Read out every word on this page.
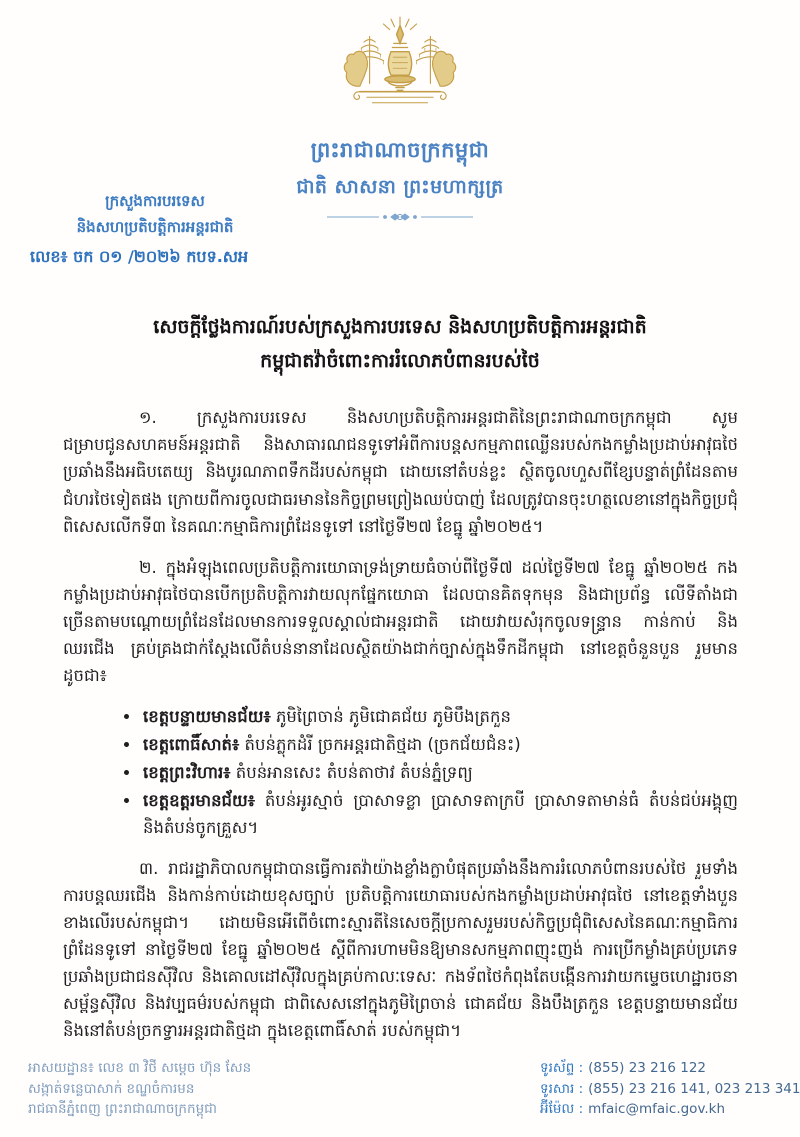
ព្រះរាជាណាចក្រកម្ពុជា
ជាតិ សាសនា ព្រះមហាក្សត្រ
ក្រសួងការបរទេស
និងសហប្រតិបត្តិការអន្តរជាតិ
លេខ៖ ចក ០១ /២០២៦ កបទ.សអ
សេចក្តីថ្លែងការណ៍របស់ក្រសួងការបរទេស និងសហប្រតិបត្តិការអន្តរជាតិ
កម្ពុជាតវ៉ាចំពោះការរំលោភបំពានរបស់ថៃ

១. ក្រសួងការបរទេស និងសហប្រតិបត្តិការអន្តរជាតិនៃព្រះរាជាណាចក្រកម្ពុជា សូមជម្រាបជូនសហគមន៍អន្តរជាតិ និងសាធារណជនទូទៅអំពីការបន្តសកម្មភាពឈ្លើនរបស់កងកម្លាំងប្រដាប់អាវុធថៃប្រឆាំងនឹងអធិបតេយ្យ និងបូរណភាពទឹកដីរបស់កម្ពុជា ដោយនៅតំបន់ខ្លះ ស្ថិតចូលហួសពីខ្សែបន្ទាត់ព្រំដែនតាមជំហរថៃទៀតផង ក្រោយពីការចូលជាធរមាននៃកិច្ចព្រមព្រៀងឈប់បាញ់ ដែលត្រូវបានចុះហត្ថលេខានៅក្នុងកិច្ចប្រជុំពិសេសលើកទី៣ នៃគណៈកម្មាធិការព្រំដែនទូទៅ នៅថ្ងៃទី២៧ ខែធ្នូ ឆ្នាំ២០២៥។

២. ក្នុងអំឡុងពេលប្រតិបត្តិការយោធាទ្រង់ទ្រាយធំចាប់ពីថ្ងៃទី៧ ដល់ថ្ងៃទី២៧ ខែធ្នូ ឆ្នាំ២០២៥ កងកម្លាំងប្រដាប់អាវុធថៃបានបើកប្រតិបត្តិការវាយលុកផ្នែកយោធា ដែលបានគិតទុកមុន និងជាប្រព័ន្ធ លើទីតាំងជាច្រើនតាមបណ្តោយព្រំដែនដែលមានការទទួលស្គាល់ជាអន្តរជាតិ ដោយវាយសំរុកចូលទន្ទ្រាន កាន់កាប់ និងឈរជើង គ្រប់គ្រងជាក់ស្តែងលើតំបន់នានាដែលស្ថិតយ៉ាងជាក់ច្បាស់ក្នុងទឹកដីកម្ពុជា នៅខេត្តចំនួនបួន រួមមាន ដូចជា៖

• ខេត្តបន្ទាយមានជ័យ៖ ភូមិព្រៃចាន់ ភូមិជោគជ័យ ភូមិបឹងត្រកួន
• ខេត្តពោធិ៍សាត់៖ តំបន់ភ្លុកដំរី ច្រកអន្តរជាតិថ្មដា (ច្រកជ័យជំនះ)
• ខេត្តព្រះវិហារ៖ តំបន់អានសេះ តំបន់តាថាវ តំបន់ភ្នំទ្រព្យ
• ខេត្តឧត្តរមានជ័យ៖ តំបន់អូរស្មាច់ ប្រាសាទខ្លា ប្រាសាទតាក្របី ប្រាសាទតាមាន់ធំ តំបន់ជប់អង្គុញ និងតំបន់ចូកគ្រួស។

៣. រាជរដ្ឋាភិបាលកម្ពុជាបានធ្វើការតវ៉ាយ៉ាងខ្លាំងក្លាបំផុតប្រឆាំងនឹងការរំលោភបំពានរបស់ថៃ រួមទាំងការបន្តឈរជើង និងកាន់កាប់ដោយខុសច្បាប់ ប្រតិបត្តិការយោធារបស់កងកម្លាំងប្រដាប់អាវុធថៃ នៅខេត្តទាំងបួនខាងលើរបស់កម្ពុជា។ ដោយមិនអើពើចំពោះស្មារតីនៃសេចក្តីប្រកាសរួមរបស់កិច្ចប្រជុំពិសេសនៃគណៈកម្មាធិការព្រំដែនទូទៅ នាថ្ងៃទី២៧ ខែធ្នូ ឆ្នាំ២០២៥ ស្តីពីការហាមមិនឱ្យមានសកម្មភាពញុះញង់ ការប្រើកម្លាំងគ្រប់ប្រភេទប្រឆាំងប្រជាជនស៊ីវិល និងគោលដៅស៊ីវិលក្នុងគ្រប់កាលៈទេសៈ កងទ័ពថៃកំពុងតែបង្កើនការវាយកម្ទេចហេដ្ឋារចនាសម្ព័ន្ធស៊ីវិល និងវប្បធម៌របស់កម្ពុជា ជាពិសេសនៅក្នុងភូមិព្រៃចាន់ ជោគជ័យ និងបឹងត្រកួន ខេត្តបន្ទាយមានជ័យ និងនៅតំបន់ច្រកទ្វារអន្តរជាតិថ្មដា ក្នុងខេត្តពោធិ៍សាត់ របស់កម្ពុជា។

អាសយដ្ឋាន៖ លេខ ៣ វិថី សម្តេច ហ៊ុន សែន
សង្កាត់ទន្លេបាសាក់ ខណ្ឌចំការមន
រាជធានីភ្នំពេញ ព្រះរាជាណាចក្រកម្ពុជា
ទូរស័ព្ទ : (855) 23 216 122
ទូរសារ : (855) 23 216 141, 023 213 341
អ៊ីម៉ែល : mfaic@mfaic.gov.kh
